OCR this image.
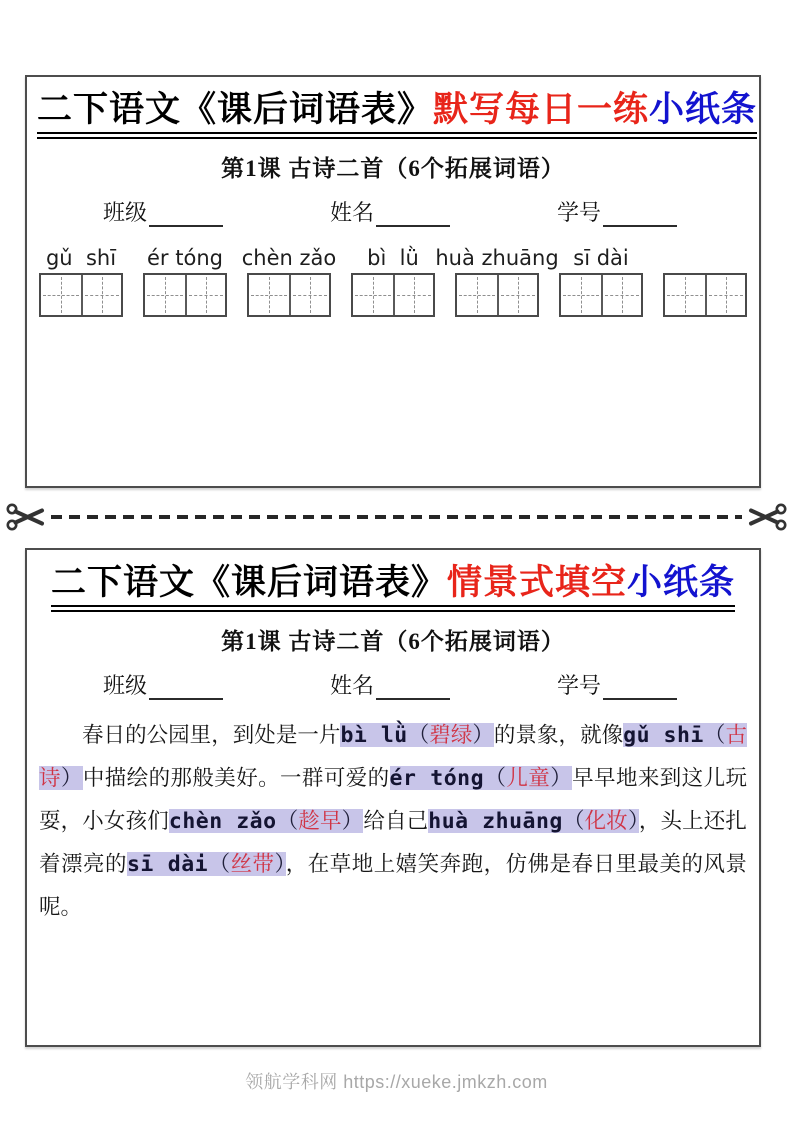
二下语文《课后词语表》默写每日一练小纸条
第1课 古诗二首（6个拓展词语）
班级	姓名	学号
gǔ  shī ér tóng chèn zǎo bì  lǜ huà zhuāng sī dài
二下语文《课后词语表》情景式填空小纸条
第1课 古诗二首（6个拓展词语）
班级	姓名	学号

春日的公园里，到处是一片bì lǜ（碧绿）的景象，就像gǔ shī（古诗）中描绘的那般美好。一群可爱的ér tóng（儿童）早早地来到这儿玩耍，小女孩们chèn zǎo（趁早）给自己huà zhuāng（化妆），头上还扎着漂亮的sī dài（丝带），在草地上嬉笑奔跑，仿佛是春日里最美的风景呢。

领航学科网 https://xueke.jmkzh.com
